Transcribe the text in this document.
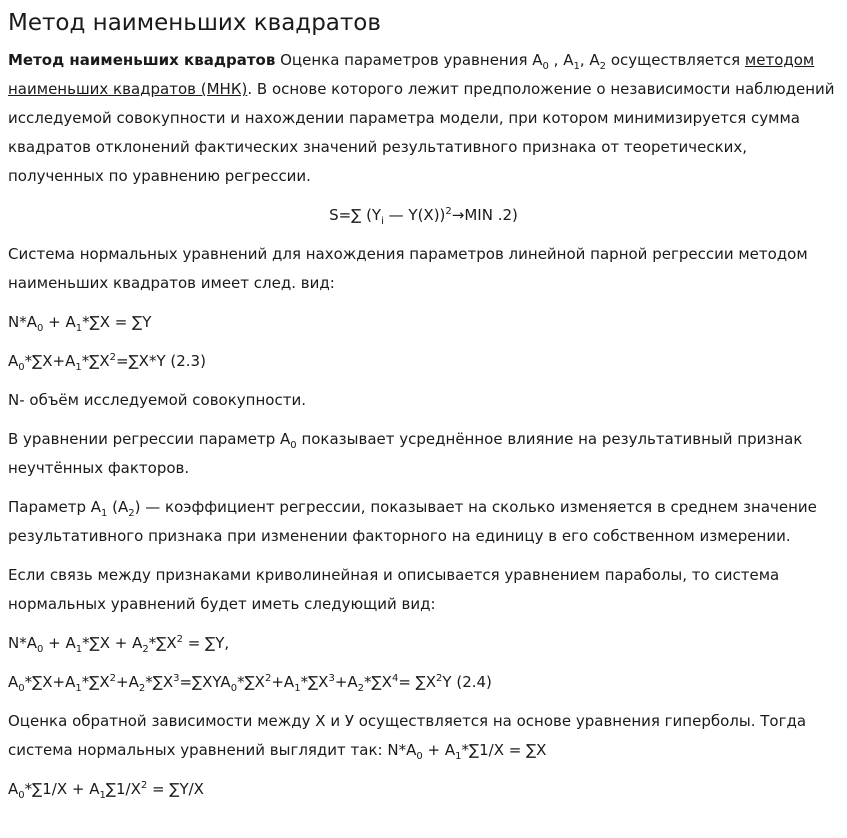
Метод наименьших квадратов

Метод наименьших квадратов Оценка параметров уравнения $A_0$ , $A_1$, $A_2$ осуществляется методом наименьших квадратов (МНК). В основе которого лежит предположение о независимости наблюдений исследуемой совокупности и нахождении параметра модели, при котором минимизируется сумма квадратов отклонений фактических значений результативного признака от теоретических, полученных по уравнению регрессии.

S=∑ ($Y_i$ — Y(X))$^2$→MIN .2)

Система нормальных уравнений для нахождения параметров линейной парной регрессии методом наименьших квадратов имеет след. вид:

$N*A_0 + A_1*\sum X = \sum Y$

$A_0*\sum X+A_1*\sum X^2=\sum X*Y$ (2.3)

N- объём исследуемой совокупности.

В уравнении регрессии параметр $A_0$ показывает усреднённое влияние на результативный признак неучтённых факторов.

Параметр $A_1$ $(A_2)$ — коэффициент регрессии, показывает на сколько изменяется в среднем значение результативного признака при изменении факторного на единицу в его собственном измерении.

Если связь между признаками криволинейная и описывается уравнением параболы, то система нормальных уравнений будет иметь следующий вид:

$N*A_0 + A_1*\sum X + A_2*\sum X^2 = \sum Y$,

$A_0*\sum X+A_1*\sum X^2+A_2*\sum X^3=\sum XYA_0*\sum X^2+A_1*\sum X^3+A_2*\sum X^4= \sum X^2Y$ (2.4)

Оценка обратной зависимости между X и У осуществляется на основе уравнения гиперболы. Тогда система нормальных уравнений выглядит так: $N*A_0 + A_1*\sum 1/X = \sum X$

$A_0*\sum 1/X + A_1\sum 1/X^2 = \sum Y/X$
